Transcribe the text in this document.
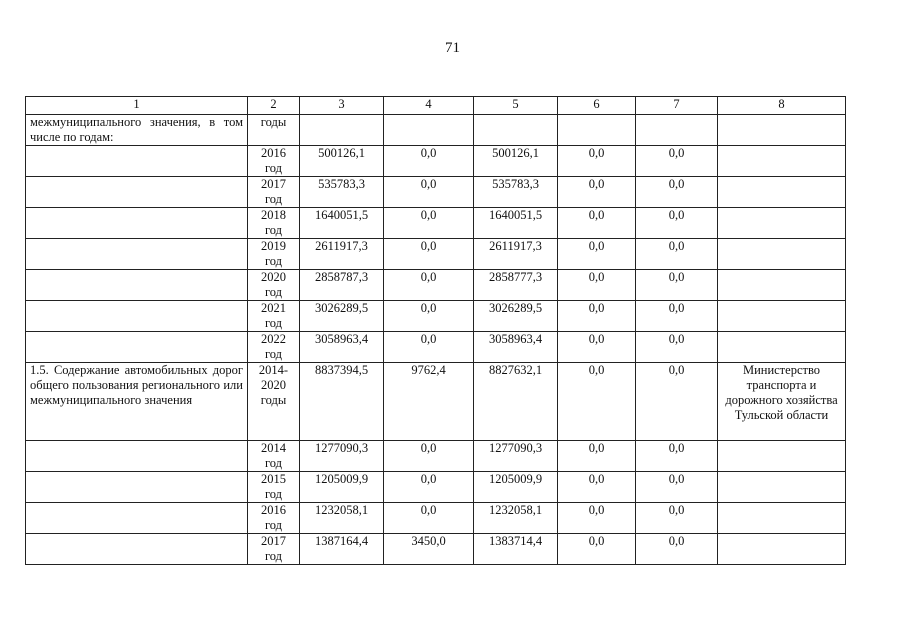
71
1	2	3	4	5	6	7	8
межмуниципального значения, в том числе по годам:	годы						
	2016 год	500126,1	0,0	500126,1	0,0	0,0	
	2017 год	535783,3	0,0	535783,3	0,0	0,0	
	2018 год	1640051,5	0,0	1640051,5	0,0	0,0	
	2019 год	2611917,3	0,0	2611917,3	0,0	0,0	
	2020 год	2858787,3	0,0	2858777,3	0,0	0,0	
	2021 год	3026289,5	0,0	3026289,5	0,0	0,0	
	2022 год	3058963,4	0,0	3058963,4	0,0	0,0	
1.5. Содержание автомобильных дорог общего пользования регионального или межмуниципального значения	2014-2020 годы	8837394,5	9762,4	8827632,1	0,0	0,0	Министерство транспорта и дорожного хозяйства Тульской области
	2014 год	1277090,3	0,0	1277090,3	0,0	0,0	
	2015 год	1205009,9	0,0	1205009,9	0,0	0,0	
	2016 год	1232058,1	0,0	1232058,1	0,0	0,0	
	2017 год	1387164,4	3450,0	1383714,4	0,0	0,0	
